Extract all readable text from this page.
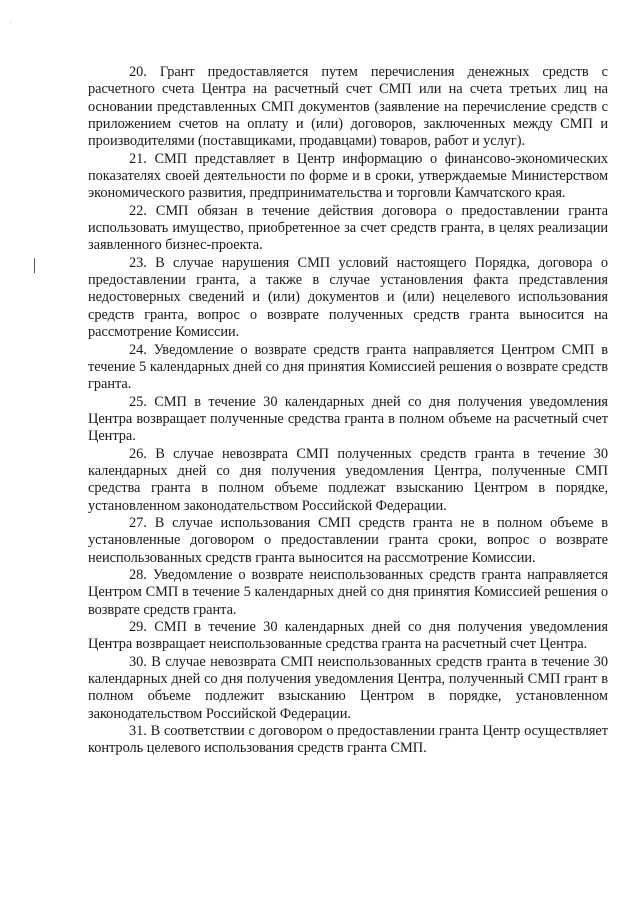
20. Грант предоставляется путем перечисления денежных средств с расчетного счета Центра на расчетный счет СМП или на счета третьих лиц на основании представленных СМП документов (заявление на перечисление средств с приложением счетов на оплату и (или) договоров, заключенных между СМП и производителями (поставщиками, продавцами) товаров, работ и услуг).

21. СМП представляет в Центр информацию о финансово-экономических показателях своей деятельности по форме и в сроки, утверждаемые Министерством экономического развития, предпринимательства и торговли Камчатского края.

22. СМП обязан в течение действия договора о предоставлении гранта использовать имущество, приобретенное за счет средств гранта, в целях реализации заявленного бизнес-проекта.

23. В случае нарушения СМП условий настоящего Порядка, договора о предоставлении гранта, а также в случае установления факта представления недостоверных сведений и (или) документов и (или) нецелевого использования средств гранта, вопрос о возврате полученных средств гранта выносится на рассмотрение Комиссии.

24. Уведомление о возврате средств гранта направляется Центром СМП в течение 5 календарных дней со дня принятия Комиссией решения о возврате средств гранта.

25. СМП в течение 30 календарных дней со дня получения уведомления Центра возвращает полученные средства гранта в полном объеме на расчетный счет Центра.

26. В случае невозврата СМП полученных средств гранта в течение 30 календарных дней со дня получения уведомления Центра, полученные СМП средства гранта в полном объеме подлежат взысканию Центром в порядке, установленном законодательством Российской Федерации.

27. В случае использования СМП средств гранта не в полном объеме в установленные договором о предоставлении гранта сроки, вопрос о возврате неиспользованных средств гранта выносится на рассмотрение Комиссии.

28. Уведомление о возврате неиспользованных средств гранта направляется Центром СМП в течение 5 календарных дней со дня принятия Комиссией решения о возврате средств гранта.

29. СМП в течение 30 календарных дней со дня получения уведомления Центра возвращает неиспользованные средства гранта на расчетный счет Центра.

30. В случае невозврата СМП неиспользованных средств гранта в течение 30 календарных дней со дня получения уведомления Центра, полученный СМП грант в полном объеме подлежит взысканию Центром в порядке, установленном законодательством Российской Федерации.

31. В соответствии с договором о предоставлении гранта Центр осуществляет контроль целевого использования средств гранта СМП.
